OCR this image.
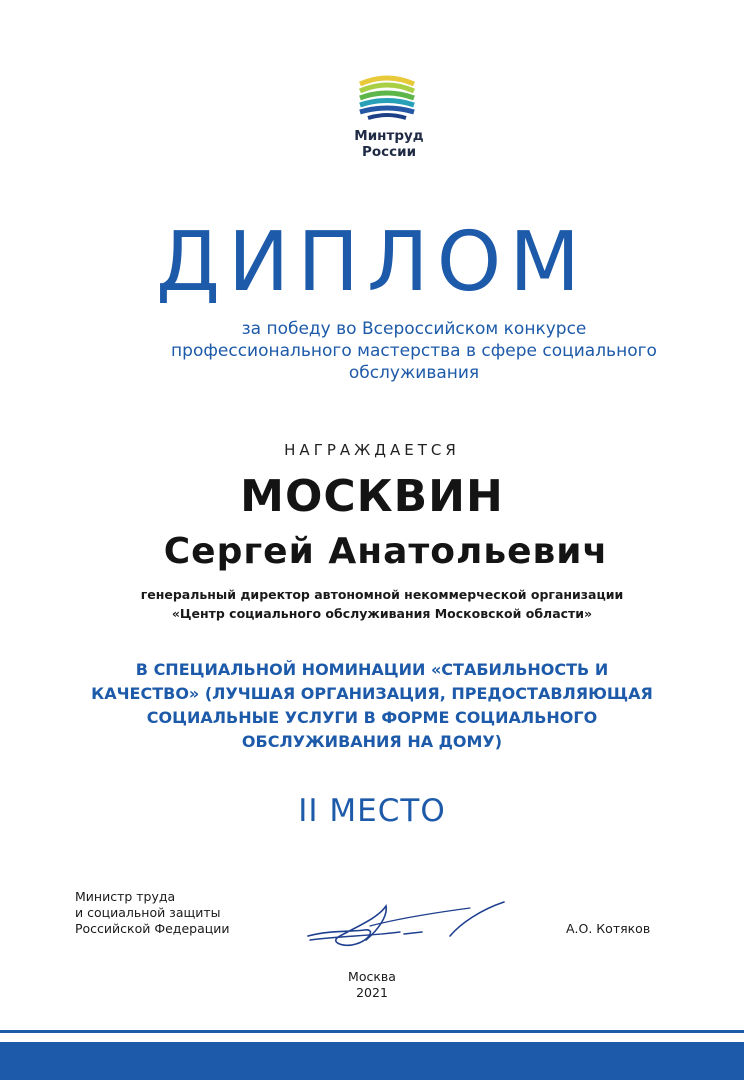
Минтруд
России
ДИПЛОМ
за победу во Всероссийском конкурсе
профессионального мастерства в сфере социального
обслуживания
НАГРАЖДАЕТСЯ
МОСКВИН
Сергей Анатольевич
генеральный директор автономной некоммерческой организации
«Центр социального обслуживания Московской области»
В СПЕЦИАЛЬНОЙ НОМИНАЦИИ «СТАБИЛЬНОСТЬ И
КАЧЕСТВО» (ЛУЧШАЯ ОРГАНИЗАЦИЯ, ПРЕДОСТАВЛЯЮЩАЯ
СОЦИАЛЬНЫЕ УСЛУГИ В ФОРМЕ СОЦИАЛЬНОГО
ОБСЛУЖИВАНИЯ НА ДОМУ)
II МЕСТО
Министр труда
и социальной защиты
Российской Федерации	А.О. Котяков
Москва
2021
